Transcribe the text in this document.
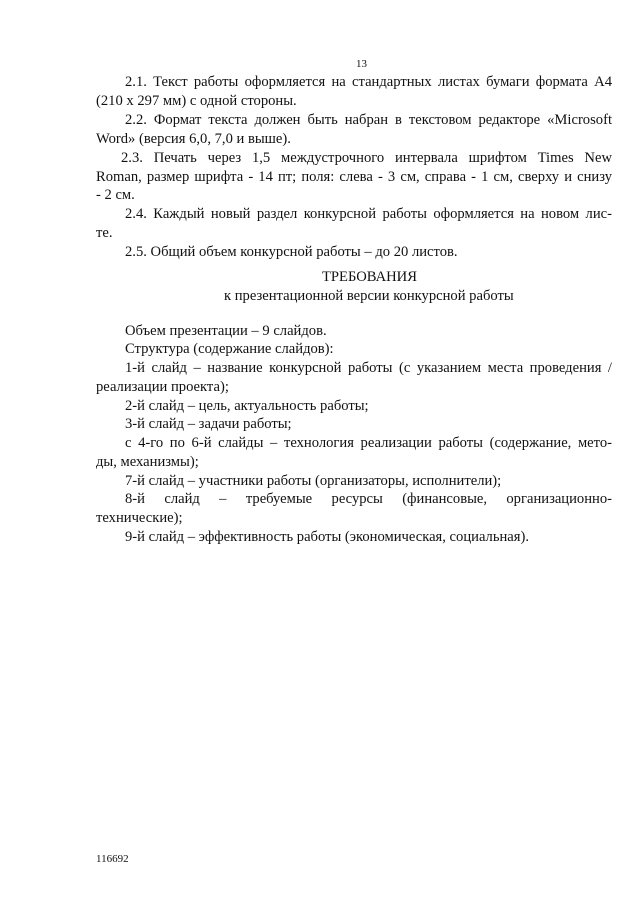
13
2.1. Текст работы оформляется на стандартных листах бумаги формата А4
(210 х 297 мм) с одной стороны.
2.2. Формат текста должен быть набран в текстовом редакторе «Microsoft
Word» (версия 6,0, 7,0 и выше).
2.3. Печать через 1,5 междустрочного интервала шрифтом Times New
Roman, размер шрифта - 14 пт; поля: слева - 3 см, справа - 1 см, сверху и снизу
- 2 см.
2.4. Каждый новый раздел конкурсной работы оформляется на новом лис-
те.
2.5. Общий объем конкурсной работы – до 20 листов.
ТРЕБОВАНИЯ
к презентационной версии конкурсной работы
Объем презентации – 9 слайдов.
Структура (содержание слайдов):
1-й слайд – название конкурсной работы (с указанием места проведения /
реализации проекта);
2-й слайд – цель, актуальность работы;
3-й слайд – задачи работы;
с 4-го по 6-й слайды – технология реализации работы (содержание, мето-
ды, механизмы);
7-й слайд – участники работы (организаторы, исполнители);
8-й слайд – требуемые ресурсы (финансовые, организационно-
технические);
9-й слайд – эффективность работы (экономическая, социальная).
116692
